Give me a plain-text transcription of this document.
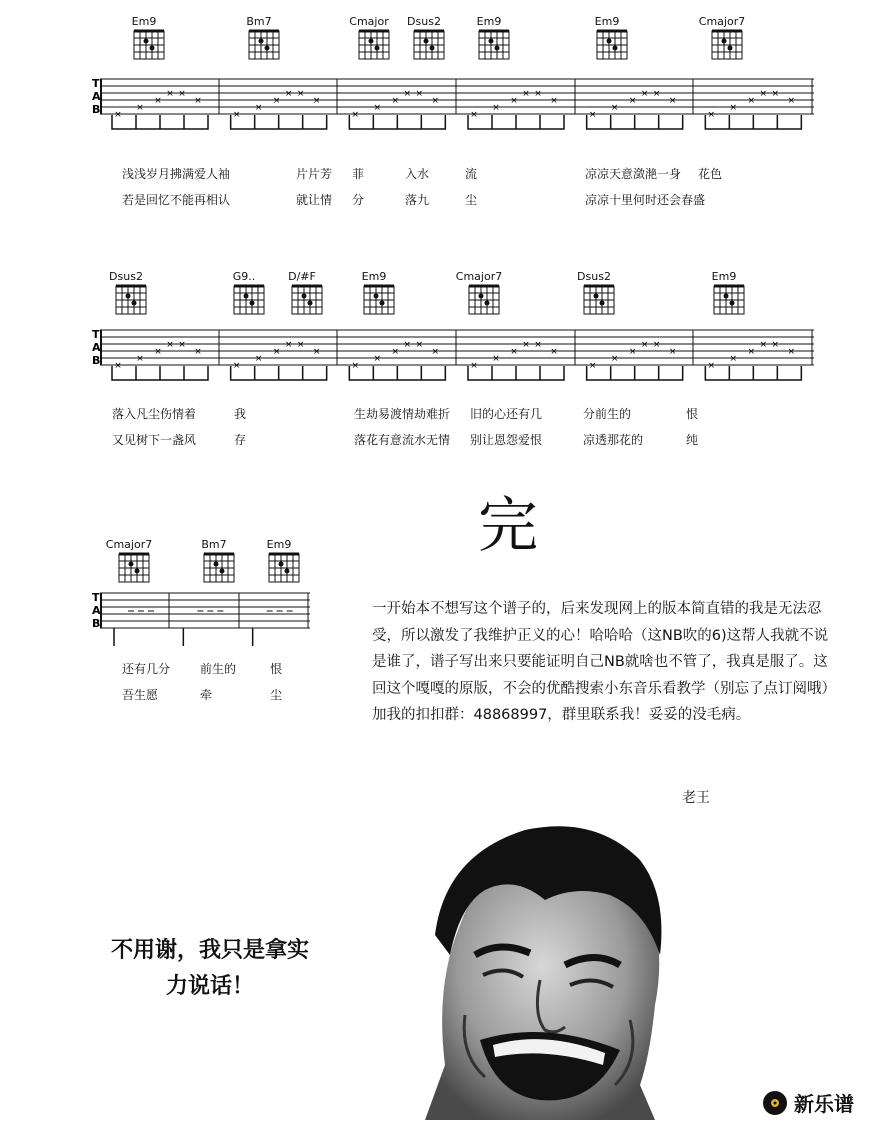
Em9	Bm7	Cmajor	Dsus2	Em9	Em9	Cmajor7
×
×
×
× ×
×
×
×
×
× ×
×
×
×
×
× ×
×
×
×
×
× ×
×
×
×
×
× ×
×
×
×
×
× ×
×
T
A
B
浅浅岁月拂满爱人袖	片片芳 菲	入水	流	凉凉天意潋滟一身 花色
若是回忆不能再相认	就让情 分	落九	尘	凉凉十里何时还会春盛
Dsus2	G9..	D/#F	Em9	Cmajor7	Dsus2	Em9
×
×
×
× ×
×
×
×
×
× ×
×
×
×
×
× ×
×
×
×
×
× ×
×
×
×
×
× ×
×
×
×
×
× ×
×
T
A
B
落入凡尘伤情着	我	生劫易渡情劫难折 旧的心还有几	分前生的	恨
又见树下一盏风	存	落花有意流水无情 别让恩怨爱恨	凉透那花的	纯
Cmajor7	Bm7	Em9
T
A
B
还有几分 前生的	恨
吾生愿	牵	尘
完
一开始本不想写这个谱子的，后来发现网上的版本简直错的我是无法忍受，所以激发了我维护正义的心！哈哈哈（这NB吹的6)这帮人我就不说是谁了，谱子写出来只要能证明自己NB就啥也不管了，我真是服了。这回这个嘎嘎的原版，不会的优酷搜索小东音乐看教学（别忘了点订阅哦）加我的扣扣群：48868997，群里联系我！妥妥的没毛病。
老王
不用谢，我只是拿实
力说话！
新乐谱
